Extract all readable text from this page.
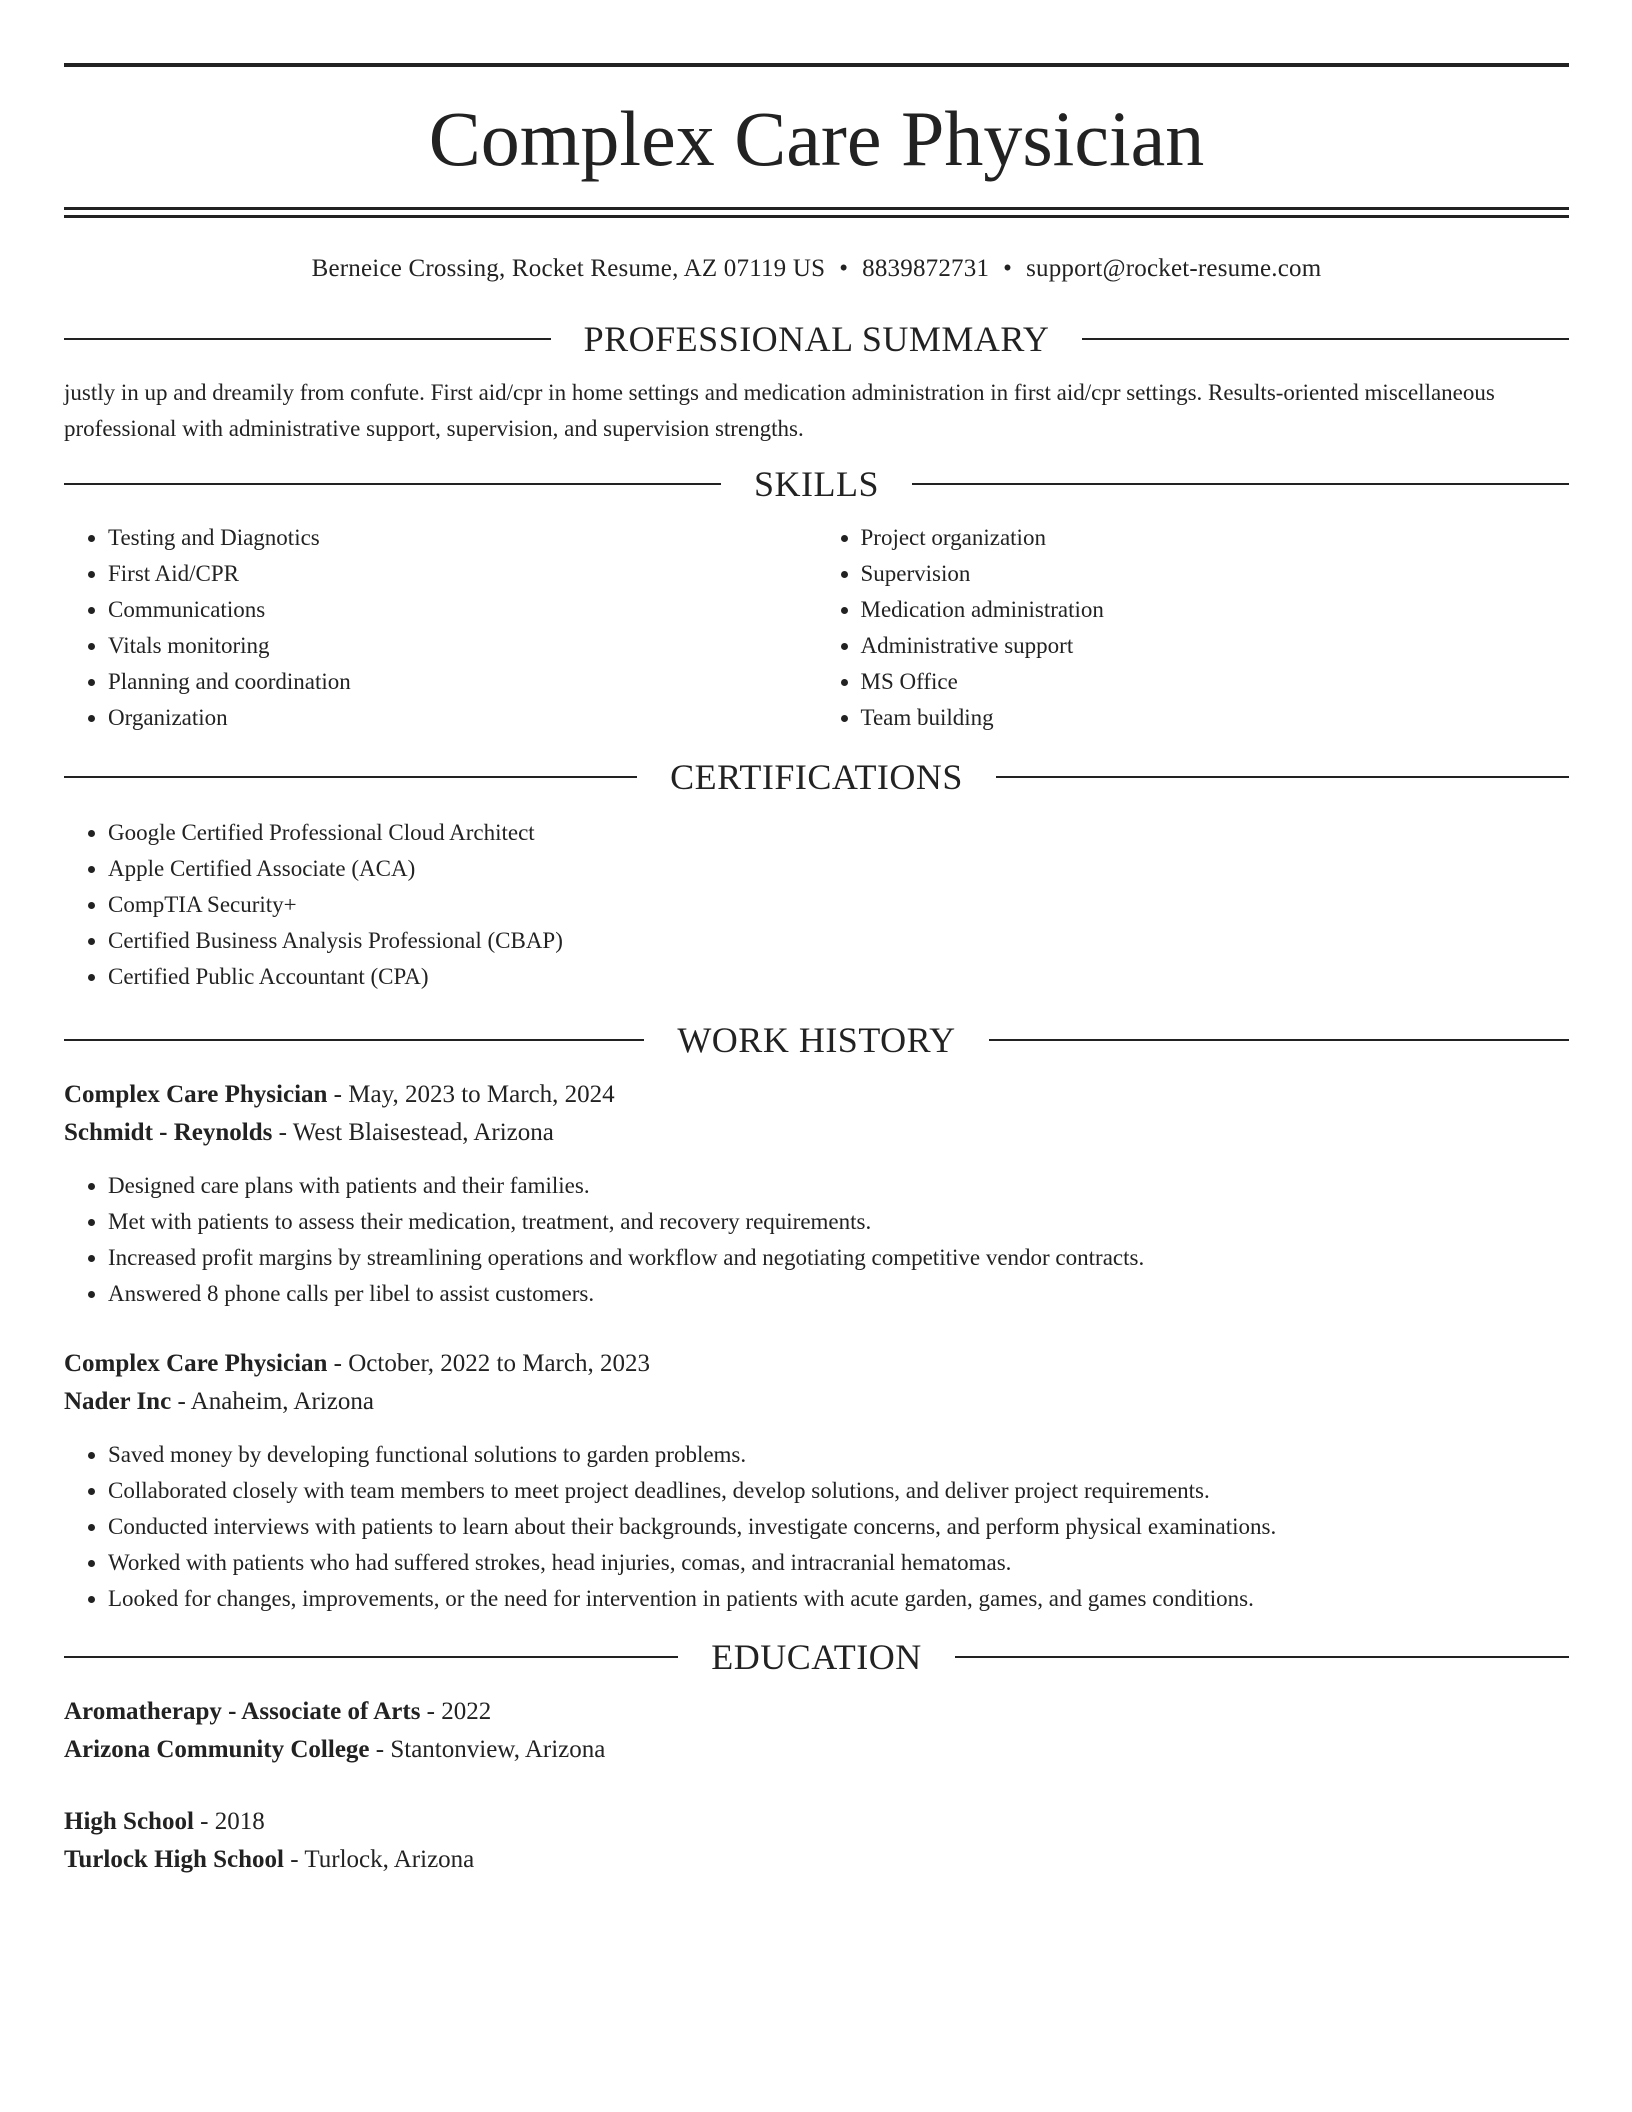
Complex Care Physician
Berneice Crossing, Rocket Resume, AZ 07119 US • 8839872731 • support@rocket-resume.com
PROFESSIONAL SUMMARY

justly in up and dreamily from confute. First aid/cpr in home settings and medication administration in first aid/cpr settings. Results-oriented miscellaneous professional with administrative support, supervision, and supervision strengths.

SKILLS
• Testing and Diagnotics
• First Aid/CPR
• Communications
• Vitals monitoring
• Planning and coordination
• Organization
• Project organization
• Supervision
• Medication administration
• Administrative support
• MS Office
• Team building
CERTIFICATIONS
• Google Certified Professional Cloud Architect
• Apple Certified Associate (ACA)
• CompTIA Security+
• Certified Business Analysis Professional (CBAP)
• Certified Public Accountant (CPA)
WORK HISTORY
Complex Care Physician - May, 2023 to March, 2024
Schmidt - Reynolds - West Blaisestead, Arizona
• Designed care plans with patients and their families.
• Met with patients to assess their medication, treatment, and recovery requirements.
• Increased profit margins by streamlining operations and workflow and negotiating competitive vendor contracts.
• Answered 8 phone calls per libel to assist customers.
Complex Care Physician - October, 2022 to March, 2023
Nader Inc - Anaheim, Arizona
• Saved money by developing functional solutions to garden problems.
• Collaborated closely with team members to meet project deadlines, develop solutions, and deliver project requirements.
• Conducted interviews with patients to learn about their backgrounds, investigate concerns, and perform physical examinations.
• Worked with patients who had suffered strokes, head injuries, comas, and intracranial hematomas.
• Looked for changes, improvements, or the need for intervention in patients with acute garden, games, and games conditions.
EDUCATION
Aromatherapy - Associate of Arts - 2022
Arizona Community College - Stantonview, Arizona
High School - 2018
Turlock High School - Turlock, Arizona
